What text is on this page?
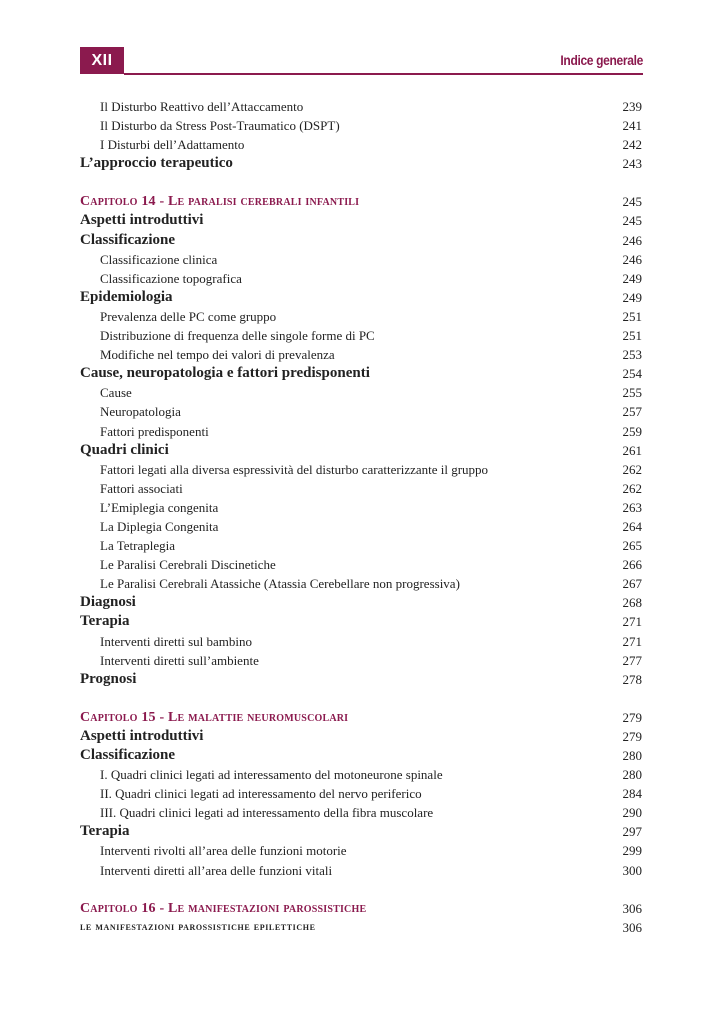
XII	Indice generale
Il Disturbo Reattivo dell’Attaccamento	239
Il Disturbo da Stress Post-Traumatico (DSPT)	241
I Disturbi dell’Adattamento	242
L’approccio terapeutico	243
Capitolo 14 - Le paralisi cerebrali infantili	245
Aspetti introduttivi	245
Classificazione	246
Classificazione clinica	246
Classificazione topografica	249
Epidemiologia	249
Prevalenza delle PC come gruppo	251
Distribuzione di frequenza delle singole forme di PC	251
Modifiche nel tempo dei valori di prevalenza	253
Cause, neuropatologia e fattori predisponenti	254
Cause	255
Neuropatologia	257
Fattori predisponenti	259
Quadri clinici	261
Fattori legati alla diversa espressività del disturbo caratterizzante il gruppo	262
Fattori associati	262
L’Emiplegia congenita	263
La Diplegia Congenita	264
La Tetraplegia	265
Le Paralisi Cerebrali Discinetiche	266
Le Paralisi Cerebrali Atassiche (Atassia Cerebellare non progressiva)	267
Diagnosi	268
Terapia	271
Interventi diretti sul bambino	271
Interventi diretti sull’ambiente	277
Prognosi	278
Capitolo 15 - Le malattie neuromuscolari	279
Aspetti introduttivi	279
Classificazione	280
I. Quadri clinici legati ad interessamento del motoneurone spinale	280
II. Quadri clinici legati ad interessamento del nervo periferico	284
III. Quadri clinici legati ad interessamento della fibra muscolare	290
Terapia	297
Interventi rivolti all’area delle funzioni motorie	299
Interventi diretti all’area delle funzioni vitali	300
Capitolo 16 - Le manifestazioni parossistiche	306
le manifestazioni parossistiche epilettiche	306
